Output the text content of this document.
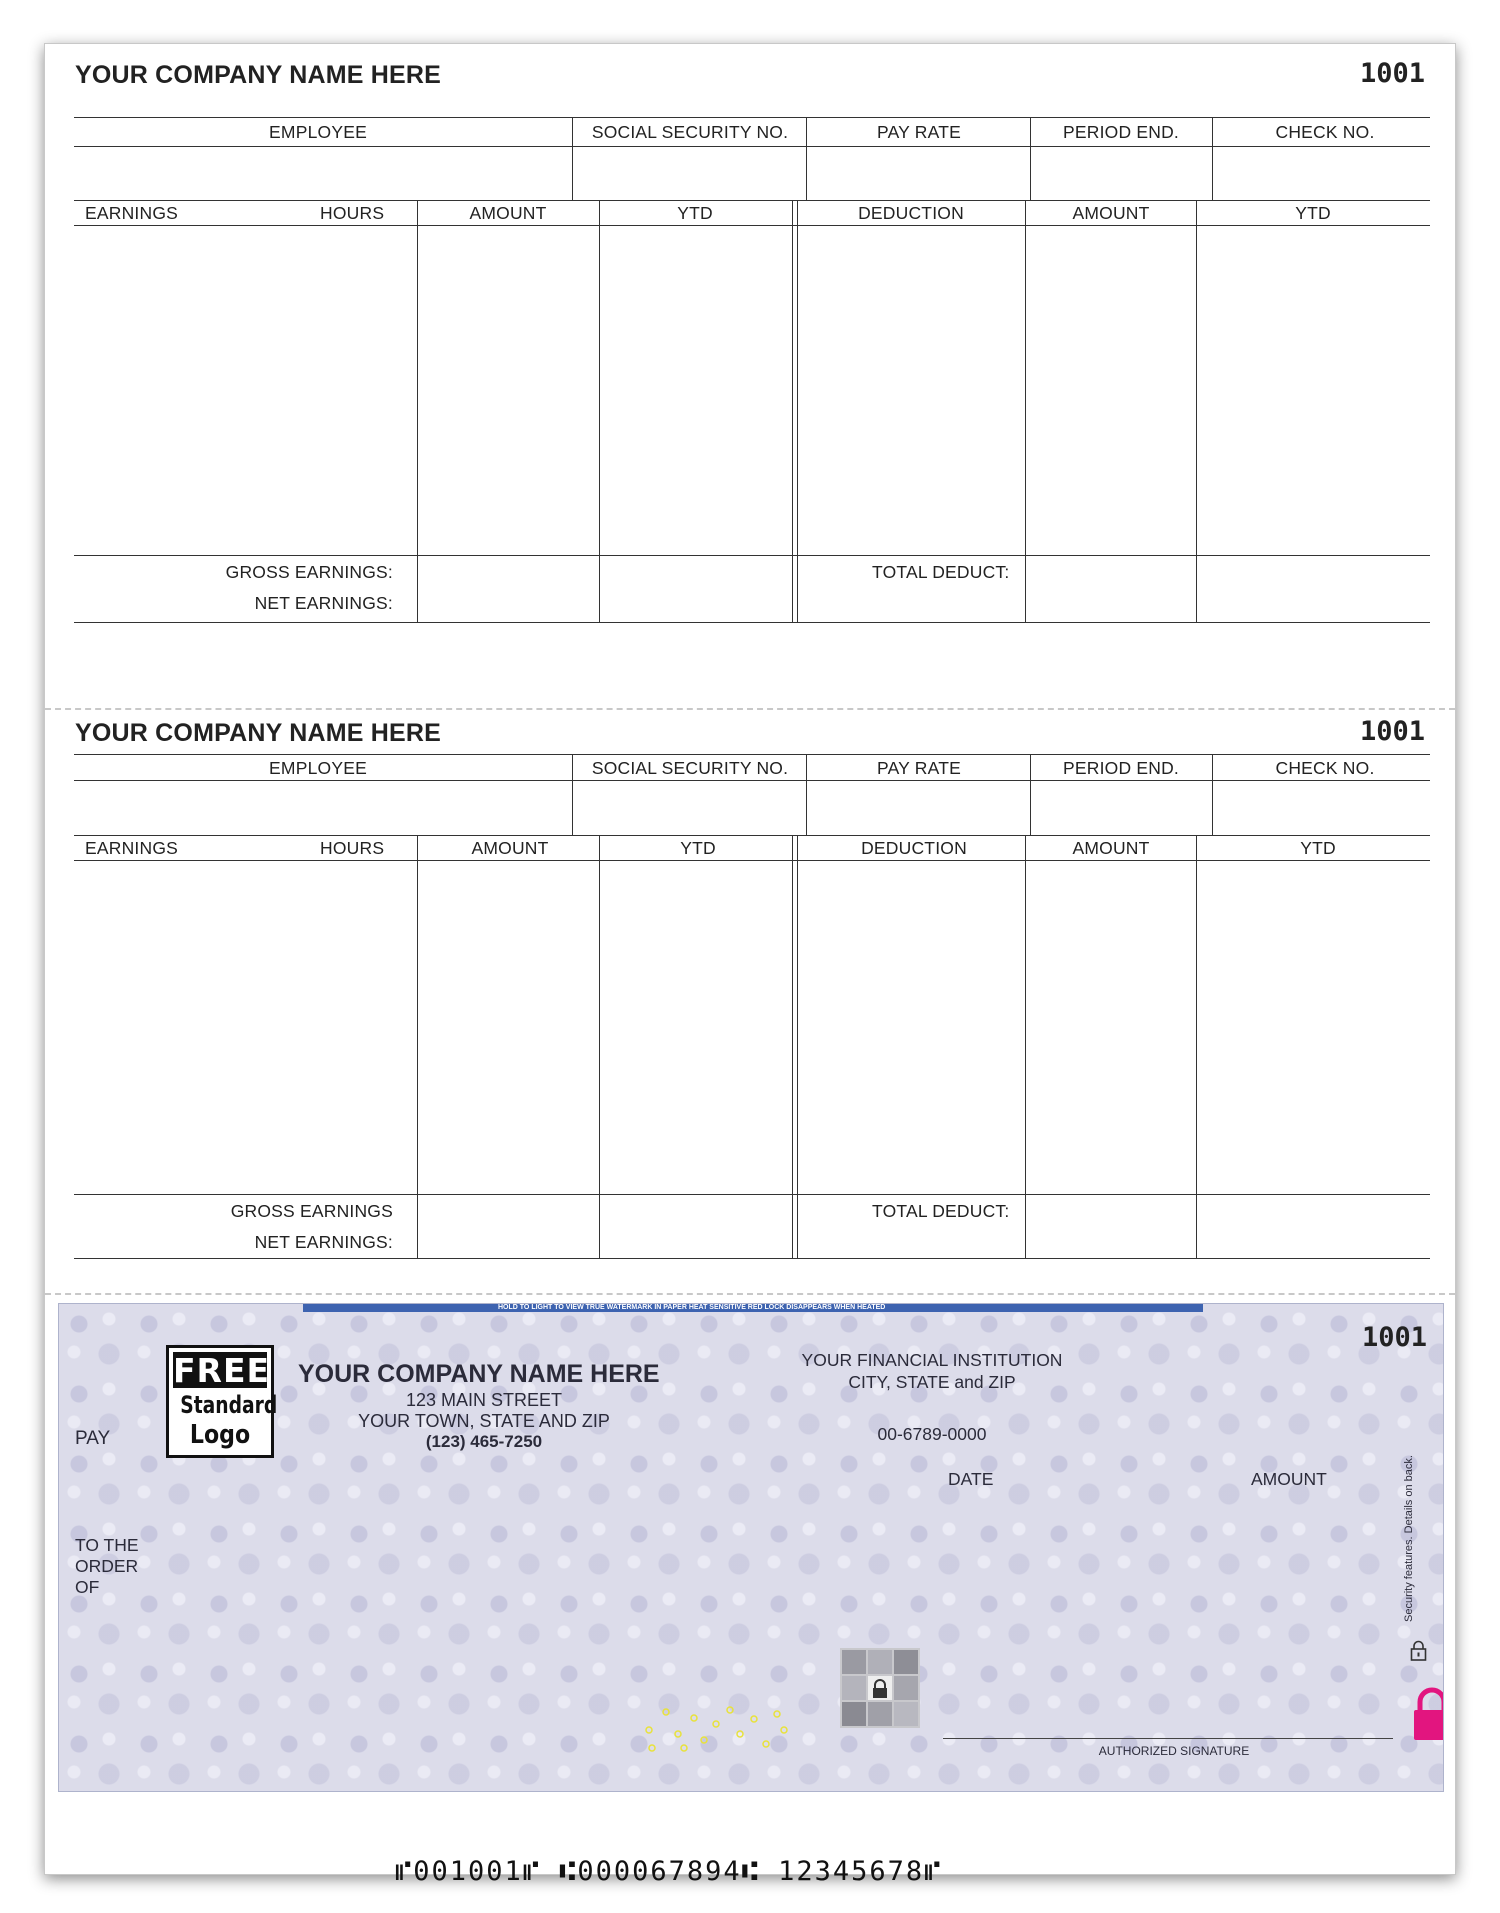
YOUR COMPANY NAME HERE	1001
EMPLOYEE	SOCIAL SECURITY NO.	PAY RATE	PERIOD END.	CHECK NO.
EARNINGS	HOURS	AMOUNT	YTD	DEDUCTION	AMOUNT	YTD
GROSS EARNINGS:
NET EARNINGS:
TOTAL DEDUCT:
YOUR COMPANY NAME HERE	1001
EMPLOYEE	SOCIAL SECURITY NO.	PAY RATE	PERIOD END.	CHECK NO.
EARNINGS	HOURS	AMOUNT	YTD	DEDUCTION	AMOUNT	YTD
GROSS EARNINGS
NET EARNINGS:
TOTAL DEDUCT:
HOLD TO LIGHT TO VIEW TRUE WATERMARK IN PAPER HEAT SENSITIVE RED LOCK DISAPPEARS WHEN HEATED
1001
FREE
Standard
Logo
YOUR COMPANY NAME HERE
123 MAIN STREET
YOUR TOWN, STATE AND ZIP
(123) 465-7250
YOUR FINANCIAL INSTITUTION
CITY, STATE and ZIP
00-6789-0000
PAY
DATE	AMOUNT
TO THE
ORDER
OF	Security features. Details on back.
AUTHORIZED SIGNATURE
⑈001001⑈ ⑆000067894⑆ 12345678⑈
